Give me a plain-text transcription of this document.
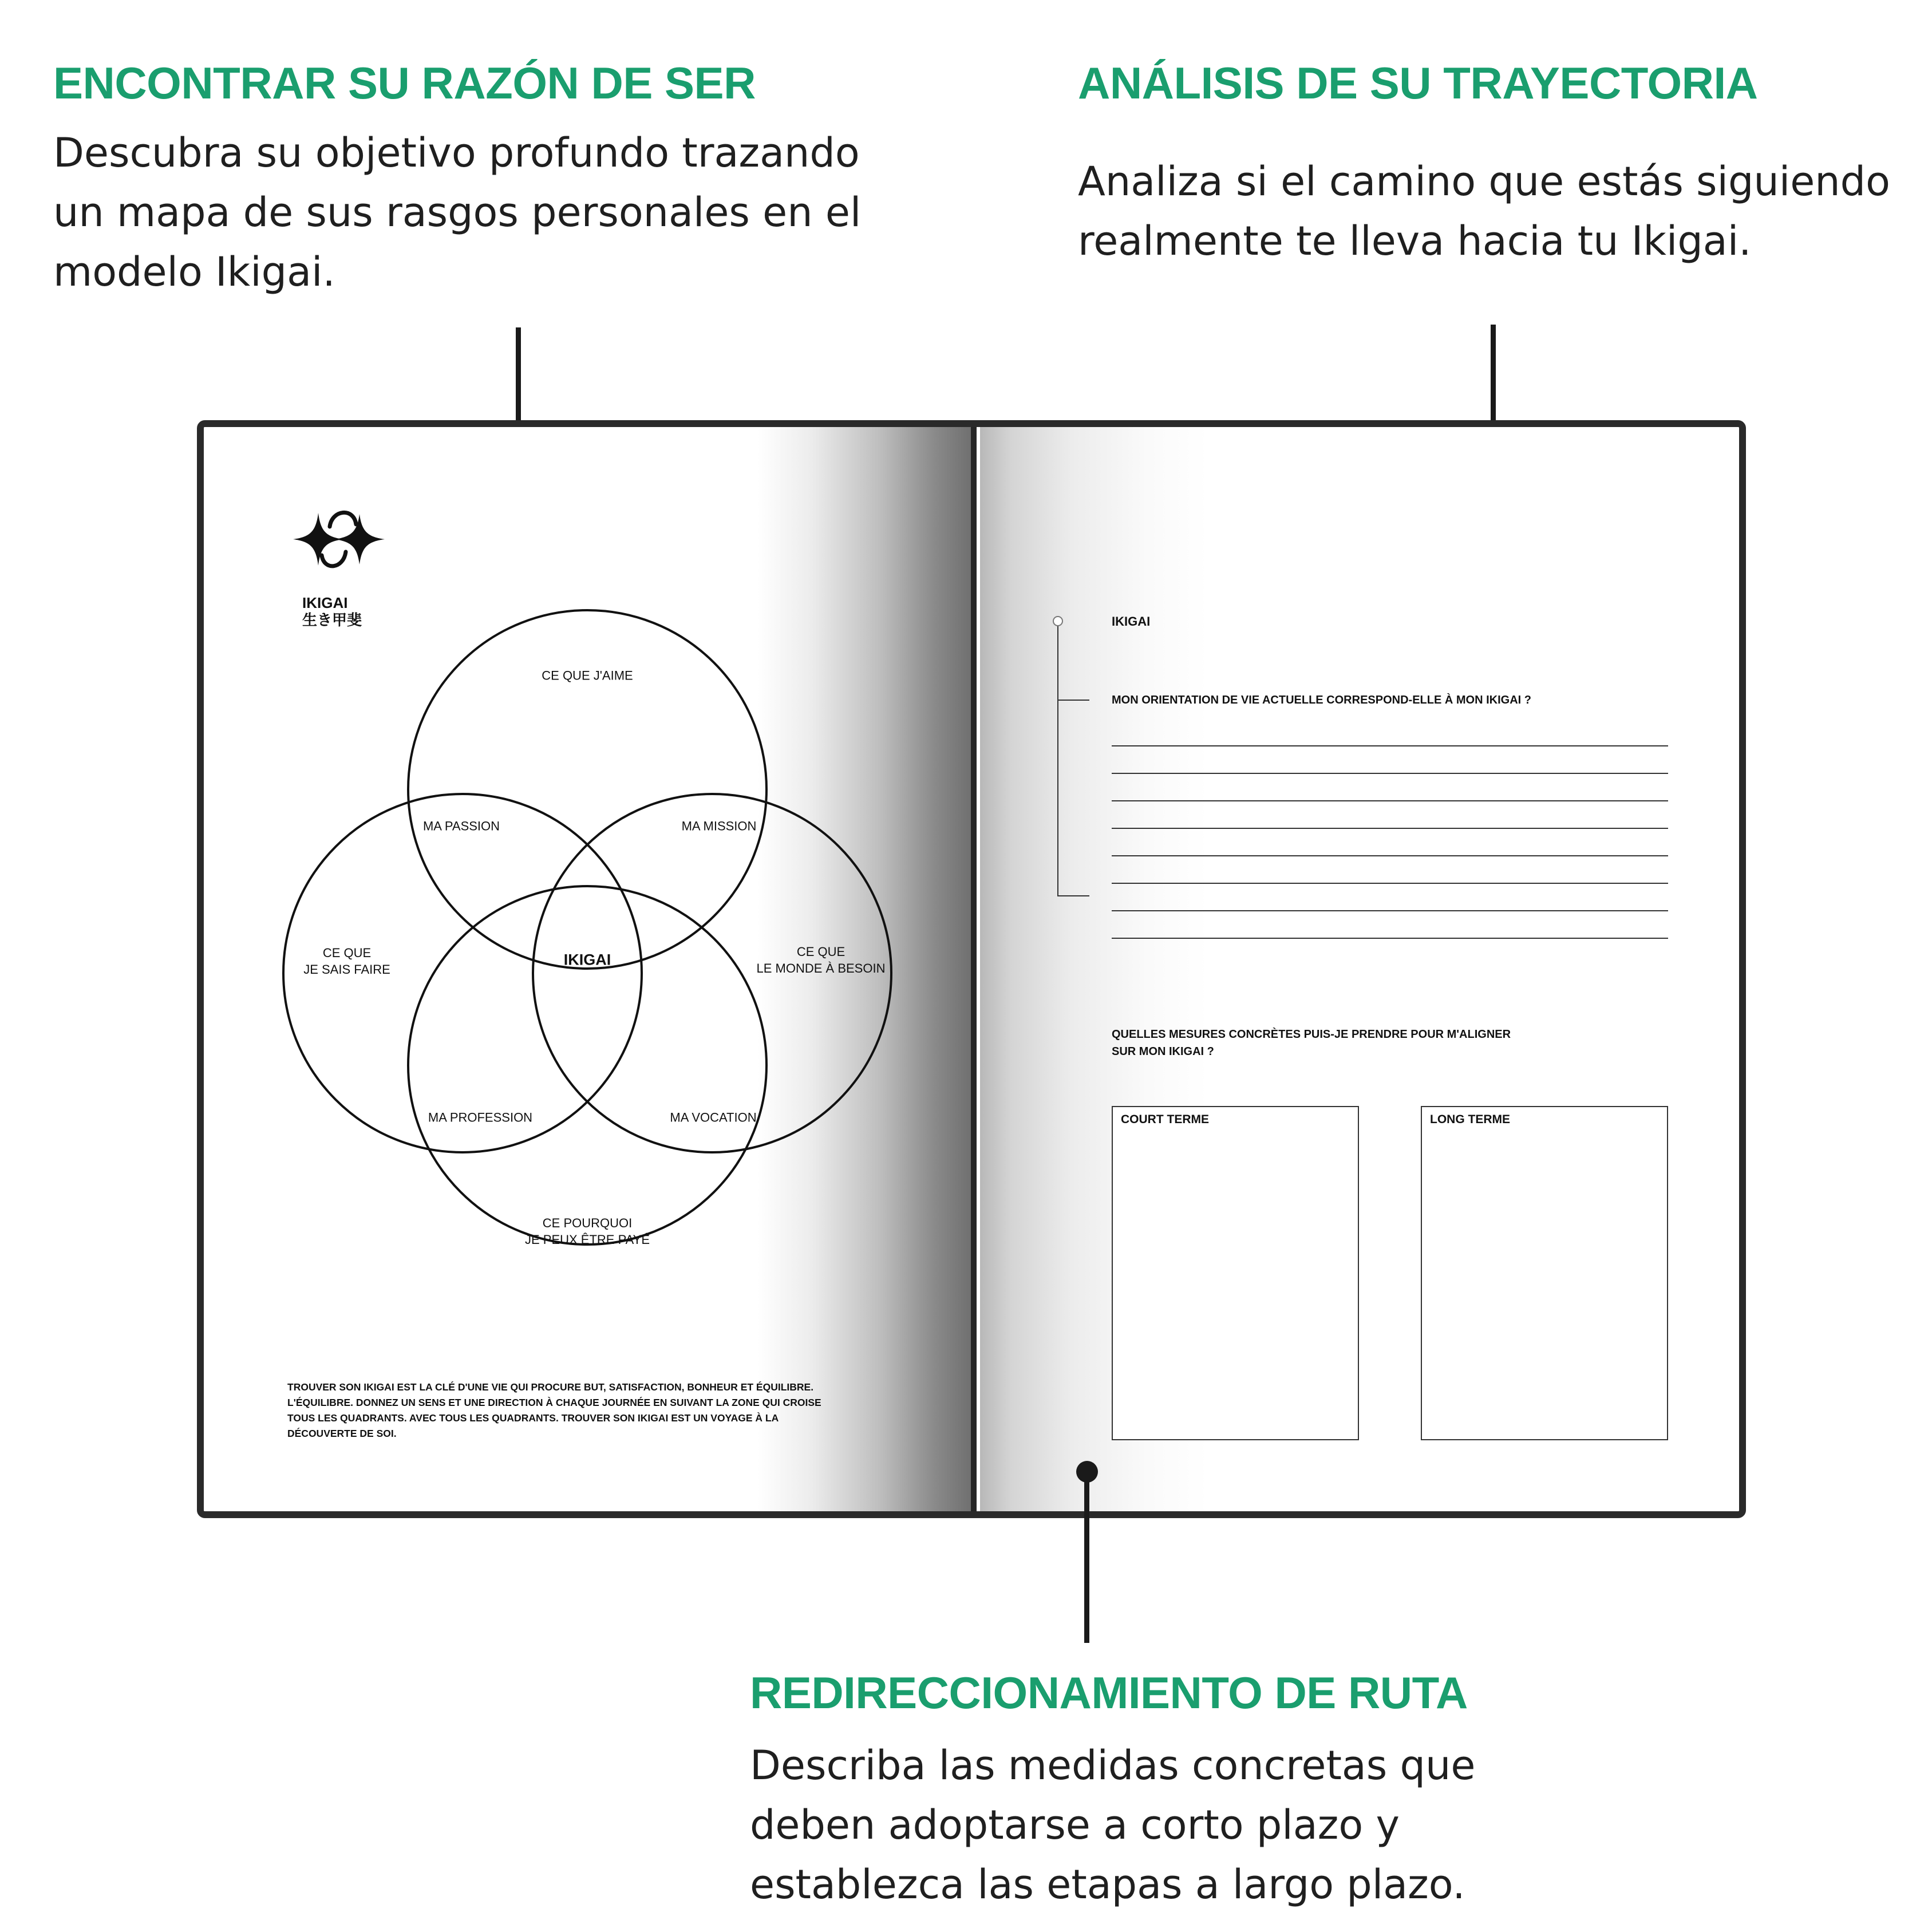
ENCONTRAR SU RAZÓN DE SER
Descubra su objetivo profundo trazando
un mapa de sus rasgos personales en el
modelo Ikigai.
ANÁLISIS DE SU TRAYECTORIA
Analiza si el camino que estás siguiendo
realmente te lleva hacia tu Ikigai.
IKIGAI
生き甲斐
CE QUE J'AIME
CE QUE
JE SAIS FAIRE
CE QUE
LE MONDE À BESOIN
CE POURQUOI
JE PEUX ÊTRE PAYÉ
MA PASSION	MA MISSION
MA PROFESSION	MA VOCATION
IKIGAI
TROUVER SON IKIGAI EST LA CLÉ D'UNE VIE QUI PROCURE BUT, SATISFACTION, BONHEUR ET ÉQUILIBRE.
L'ÉQUILIBRE. DONNEZ UN SENS ET UNE DIRECTION À CHAQUE JOURNÉE EN SUIVANT LA ZONE QUI CROISE
TOUS LES QUADRANTS. AVEC TOUS LES QUADRANTS. TROUVER SON IKIGAI EST UN VOYAGE À LA
DÉCOUVERTE DE SOI.
IKIGAI
MON ORIENTATION DE VIE ACTUELLE CORRESPOND-ELLE À MON IKIGAI ?
QUELLES MESURES CONCRÈTES PUIS-JE PRENDRE POUR M'ALIGNER
SUR MON IKIGAI ?
COURT TERME	LONG TERME
REDIRECCIONAMIENTO DE RUTA
Describa las medidas concretas que
deben adoptarse a corto plazo y
establezca las etapas a largo plazo.
